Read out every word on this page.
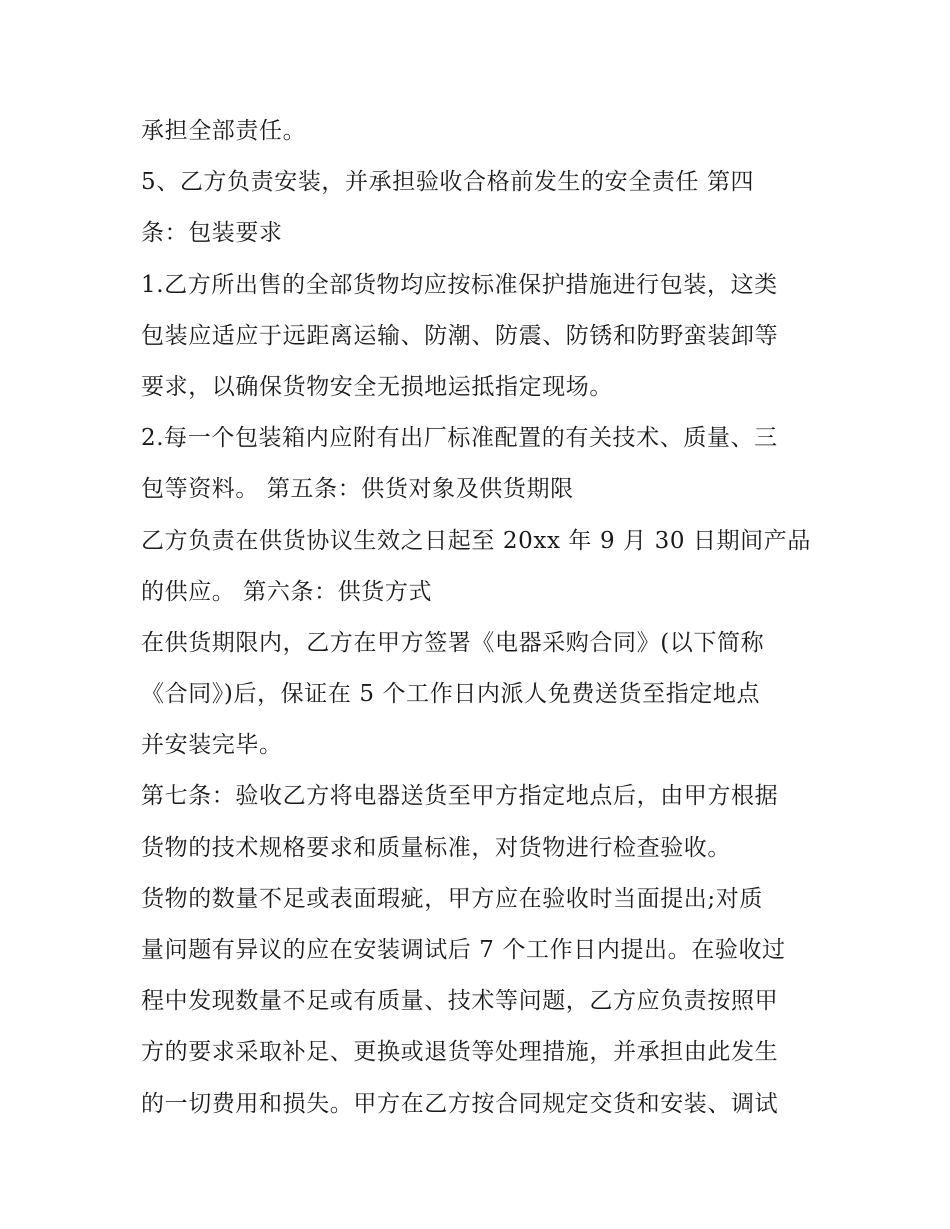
承担全部责任。
5、乙方负责安装，并承担验收合格前发生的安全责任 第四
条：包装要求
1.乙方所出售的全部货物均应按标准保护措施进行包装，这类
包装应适应于远距离运输、防潮、防震、防锈和防野蛮装卸等
要求，以确保货物安全无损地运抵指定现场。
2.每一个包装箱内应附有出厂标准配置的有关技术、质量、三
包等资料。 第五条：供货对象及供货期限
乙方负责在供货协议生效之日起至 20xx 年 9 月 30 日期间产品
的供应。 第六条：供货方式
在供货期限内，乙方在甲方签署《电器采购合同》(以下简称
《合同》)后，保证在 5 个工作日内派人免费送货至指定地点
并安装完毕。
第七条：验收乙方将电器送货至甲方指定地点后，由甲方根据
货物的技术规格要求和质量标准，对货物进行检查验收。
货物的数量不足或表面瑕疵，甲方应在验收时当面提出;对质
量问题有异议的应在安装调试后 7 个工作日内提出。在验收过
程中发现数量不足或有质量、技术等问题，乙方应负责按照甲
方的要求采取补足、更换或退货等处理措施，并承担由此发生
的一切费用和损失。甲方在乙方按合同规定交货和安装、调试
